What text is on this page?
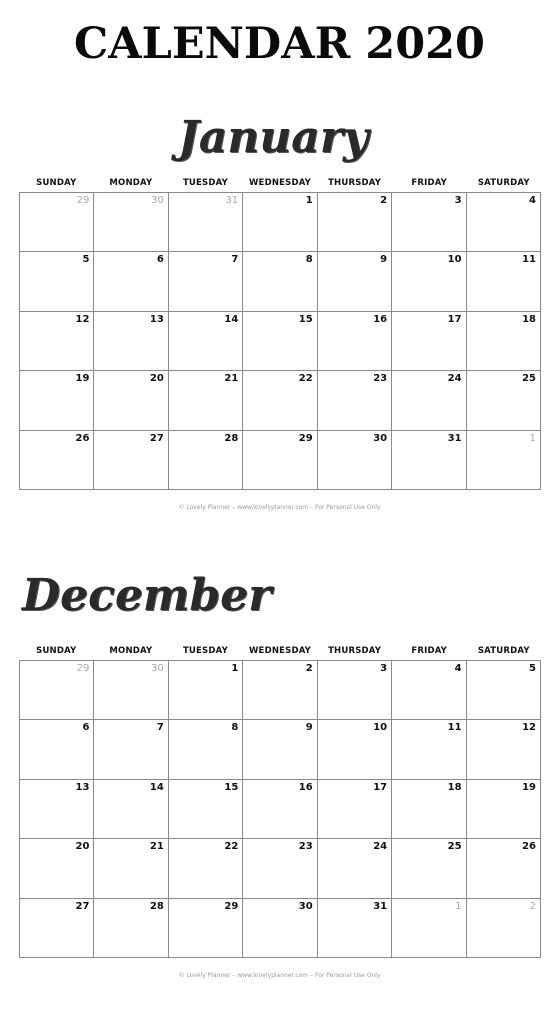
CALENDAR 2020
January
SUNDAY	MONDAY	TUESDAY	WEDNESDAY	THURSDAY	FRIDAY	SATURDAY
29	30	31	1	2	3	4
5	6	7	8	9	10	11
12	13	14	15	16	17	18
19	20	21	22	23	24	25
26	27	28	29	30	31	1
© Lovely Planner – www.lovelyplanner.com – For Personal Use Only
December
SUNDAY	MONDAY	TUESDAY	WEDNESDAY	THURSDAY	FRIDAY	SATURDAY
29	30	1	2	3	4	5
6	7	8	9	10	11	12
13	14	15	16	17	18	19
20	21	22	23	24	25	26
27	28	29	30	31	1	2
© Lovely Planner – www.lovelyplanner.com – For Personal Use Only
